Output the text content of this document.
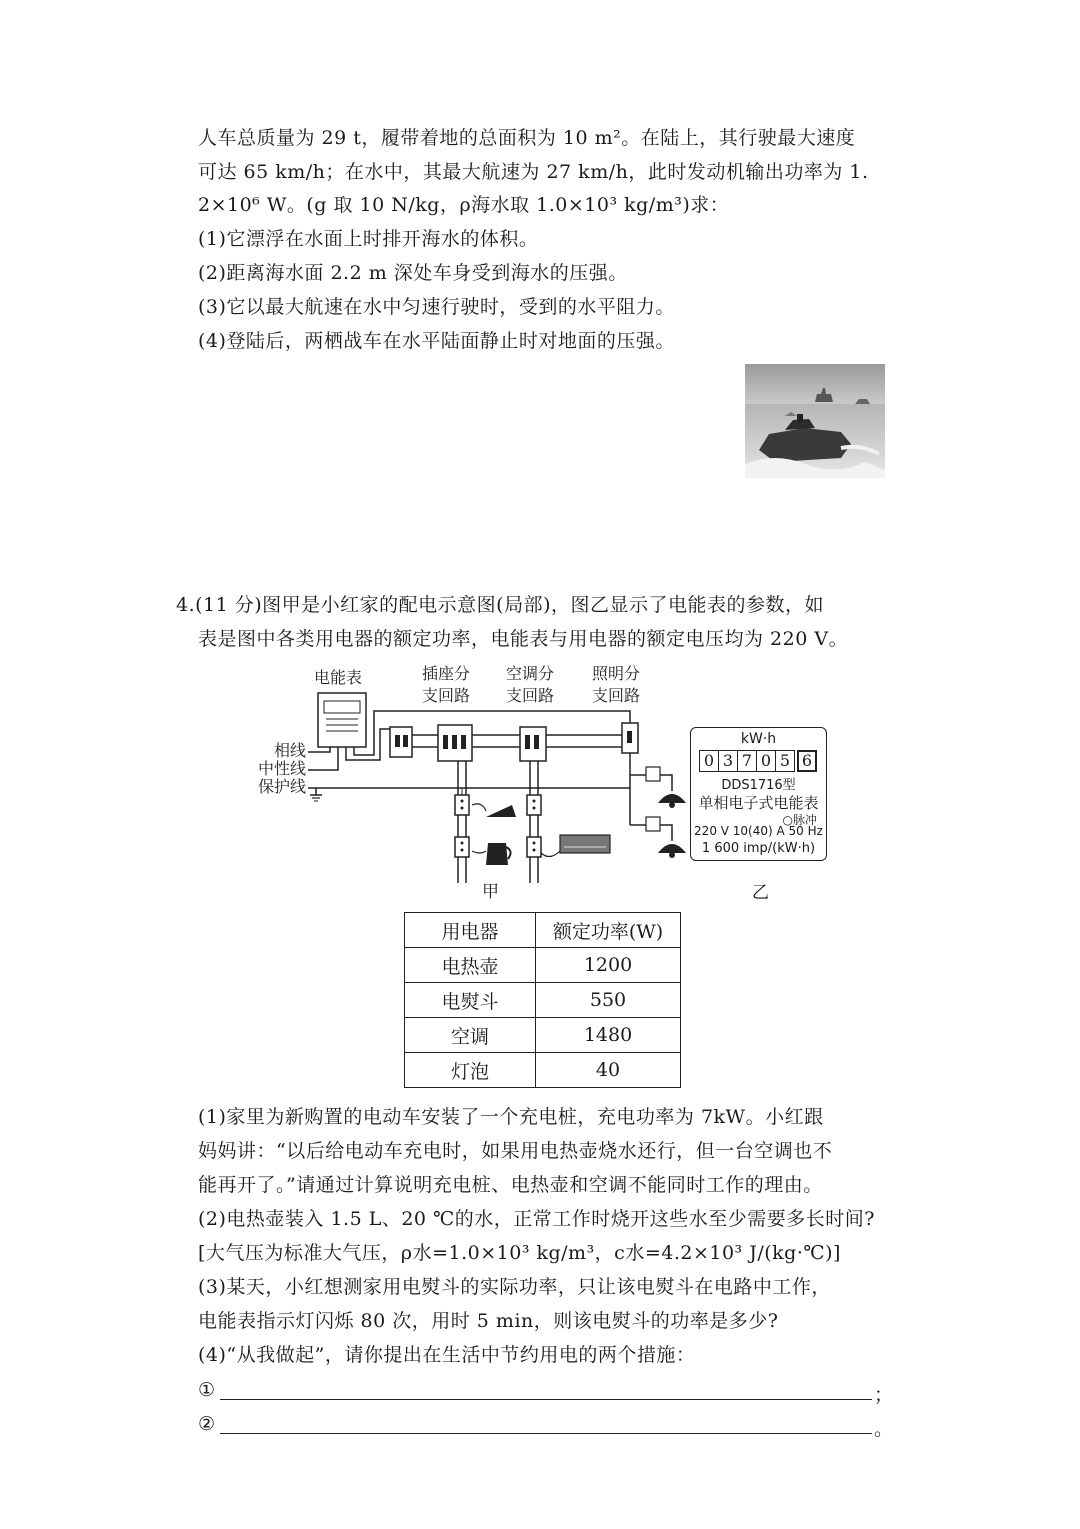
人车总质量为 29 t，履带着地的总面积为 10 m²。在陆上，其行驶最大速度
可达 65 km/h；在水中，其最大航速为 27 km/h，此时发动机输出功率为 1.
2×10⁶ W。(g 取 10 N/kg，ρ海水取 1.0×10³ kg/m³)求：
(1)它漂浮在水面上时排开海水的体积。
(2)距离海水面 2.2 m 深处车身受到海水的压强。
(3)它以最大航速在水中匀速行驶时，受到的水平阻力。
(4)登陆后，两栖战车在水平陆面静止时对地面的压强。
4.(11 分)图甲是小红家的配电示意图(局部)，图乙显示了电能表的参数，如
表是图中各类用电器的额定功率，电能表与用电器的额定电压均为 220 V。
电能表	插座分
支回路
空调分
支回路
照明分
支回路
相线
中性线
保护线
甲
kW·h
0 3 7 0 5 6
DDS1716型
单相电子式电能表
○脉冲
220 V 10(40) A 50 Hz
1 600 imp/(kW·h)
乙
用电器	额定功率(W)
电热壶	1200
电熨斗	550
空调	1480
灯泡	40
(1)家里为新购置的电动车安装了一个充电桩，充电功率为 7kW。小红跟
妈妈讲：“以后给电动车充电时，如果用电热壶烧水还行，但一台空调也不
能再开了。”请通过计算说明充电桩、电热壶和空调不能同时工作的理由。
(2)电热壶装入 1.5 L、20 ℃的水，正常工作时烧开这些水至少需要多长时间?
[大气压为标准大气压，ρ水=1.0×10³ kg/m³，c水=4.2×10³ J/(kg·℃)]
(3)某天，小红想测家用电熨斗的实际功率，只让该电熨斗在电路中工作，
电能表指示灯闪烁 80 次，用时 5 min，则该电熨斗的功率是多少?
(4)“从我做起”，请你提出在生活中节约用电的两个措施：
①	；
②	。
